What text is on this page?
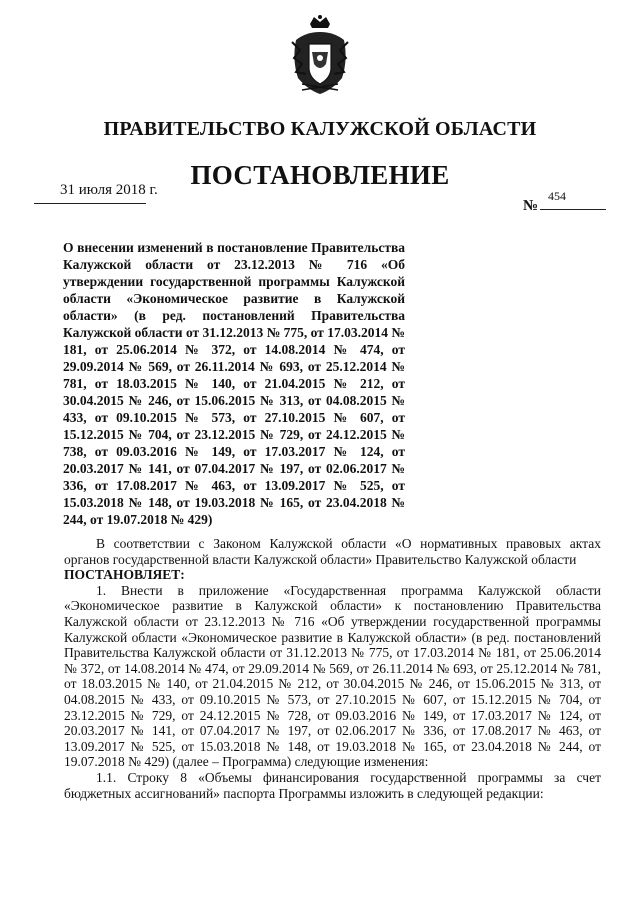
ПРАВИТЕЛЬСТВО КАЛУЖСКОЙ ОБЛАСТИ
ПОСТАНОВЛЕНИЕ
31 июля 2018 г.
№
454
О внесении изменений в постановление Правительства Калужской области от 23.12.2013 № 716 «Об утверждении государственной программы Калужской области «Экономическое развитие в Калужской области» (в ред. постановлений Правительства Калужской области от 31.12.2013 № 775, от 17.03.2014 № 181, от 25.06.2014 № 372, от 14.08.2014 № 474, от 29.09.2014 № 569, от 26.11.2014 № 693, от 25.12.2014 № 781, от 18.03.2015 № 140, от 21.04.2015 № 212, от 30.04.2015 № 246, от 15.06.2015 № 313, от 04.08.2015 № 433, от 09.10.2015 № 573, от 27.10.2015 № 607, от 15.12.2015 № 704, от 23.12.2015 № 729, от 24.12.2015 № 738, от 09.03.2016 № 149, от 17.03.2017 № 124, от 20.03.2017 № 141, от 07.04.2017 № 197, от 02.06.2017 № 336, от 17.08.2017 № 463, от 13.09.2017 № 525, от 15.03.2018 № 148, от 19.03.2018 № 165, от 23.04.2018 № 244, от 19.07.2018 № 429)

В соответствии с Законом Калужской области «О нормативных правовых актах органов государственной власти Калужской области» Правительство Калужской области

ПОСТАНОВЛЯЕТ:

1. Внести в приложение «Государственная программа Калужской области «Экономическое развитие в Калужской области» к постановлению Правительства Калужской области от 23.12.2013 № 716 «Об утверждении государственной программы Калужской области «Экономическое развитие в Калужской области» (в ред. постановлений Правительства Калужской области от 31.12.2013 № 775, от 17.03.2014 № 181, от 25.06.2014 № 372, от 14.08.2014 № 474, от 29.09.2014 № 569, от 26.11.2014 № 693, от 25.12.2014 № 781, от 18.03.2015 № 140, от 21.04.2015 № 212, от 30.04.2015 № 246, от 15.06.2015 № 313, от 04.08.2015 № 433, от 09.10.2015 № 573, от 27.10.2015 № 607, от 15.12.2015 № 704, от 23.12.2015 № 729, от 24.12.2015 № 728, от 09.03.2016 № 149, от 17.03.2017 № 124, от 20.03.2017 № 141, от 07.04.2017 № 197, от 02.06.2017 № 336, от 17.08.2017 № 463, от 13.09.2017 № 525, от 15.03.2018 № 148, от 19.03.2018 № 165, от 23.04.2018 № 244, от 19.07.2018 № 429) (далее – Программа) следующие изменения:

1.1. Строку 8 «Объемы финансирования государственной программы за счет бюджетных ассигнований» паспорта Программы изложить в следующей редакции:
